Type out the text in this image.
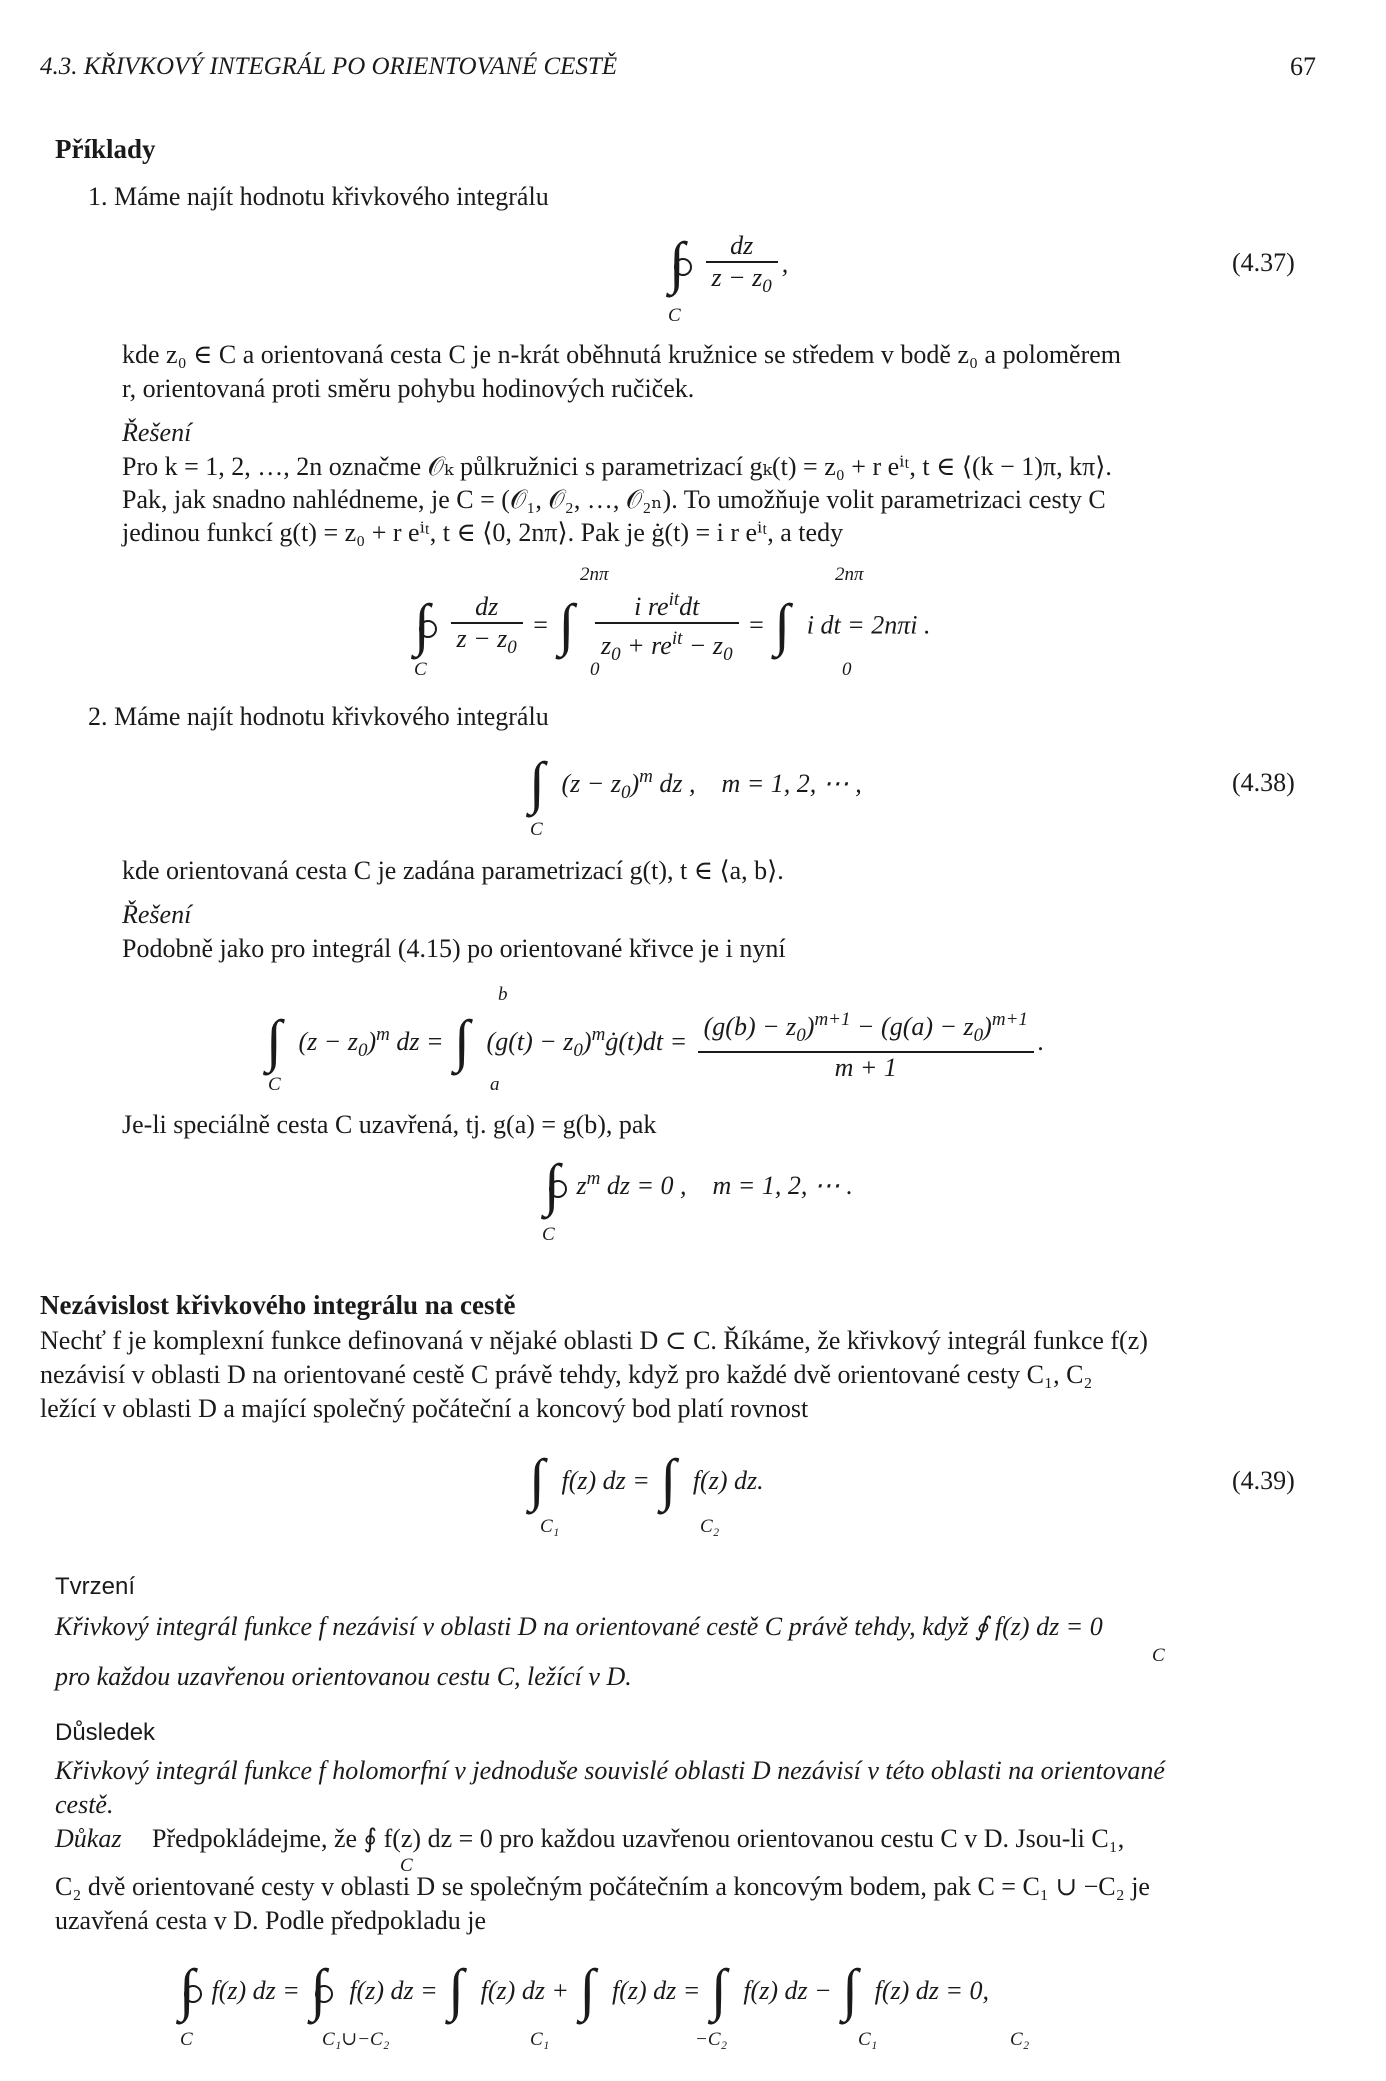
4.3. KŘIVKOVÝ INTEGRÁL PO ORIENTOVANÉ CESTĚ	67
Příklady
1. Máme najít hodnotu křivkového integrálu
∫
$\frac{dz}{z - z_0}$ ,
C
(4.37)
kde z₀ ∈ C a orientovaná cesta C je n-krát oběhnutá kružnice se středem v bodě z₀ a poloměrem
r, orientovaná proti směru pohybu hodinových ručiček.
Řešení
Pro k = 1, 2, …, 2n označme 𝒪ₖ půlkružnici s parametrizací gₖ(t) = z₀ + r eⁱᵗ, t ∈ ⟨(k − 1)π, kπ⟩.
Pak, jak snadno nahlédneme, je C = (𝒪₁, 𝒪₂, …, 𝒪₂ₙ). To umožňuje volit parametrizaci cesty C
jedinou funkcí g(t) = z₀ + r eⁱᵗ, t ∈ ⟨0, 2nπ⟩. Pak je ġ(t) = i r eⁱᵗ, a tedy
2nπ	2nπ
∫
$\frac{dz}{z - z_0}$ = ∫
$\frac{i re^{it}dt}{z_0 + re^{it} - z_0}$ = ∫ i dt = 2nπi .
C	0	0
2. Máme najít hodnotu křivkového integrálu
∫ $(z - z_0)^m$ dz ,    m = 1, 2, ⋯ ,
C
(4.38)
kde orientovaná cesta C je zadána parametrizací g(t), t ∈ ⟨a, b⟩.
Řešení
Podobně jako pro integrál (4.15) po orientované křivce je i nyní
b
∫ $(z - z_0)^m$ dz = ∫ $(g(t) - z_0)^mġ(t)dt = \frac{(g(b) - z_0)^{m+1} - (g(a) - z_0)^{m+1}}{m + 1}$ .
C	a
Je-li speciálně cesta C uzavřená, tj. g(a) = g(b), pak
∫ $z^m$ dz = 0 ,    m = 1, 2, ⋯ .
C
Nezávislost křivkového integrálu na cestě
Nechť f je komplexní funkce definovaná v nějaké oblasti D ⊂ C. Říkáme, že křivkový integrál funkce f(z)
nezávisí v oblasti D na orientované cestě C právě tehdy, když pro každé dvě orientované cesty C₁, C₂
ležící v oblasti D a mající společný počáteční a koncový bod platí rovnost
∫ f(z) dz = ∫ f(z) dz.
C₁	C₂
(4.39)
Tvrzení
Křivkový integrál funkce f nezávisí v oblasti D na orientované cestě C právě tehdy, když ∮ f(z) dz = 0
C
pro každou uzavřenou orientovanou cestu C, ležící v D.
Důsledek
Křivkový integrál funkce f holomorfní v jednoduše souvislé oblasti D nezávisí v této oblasti na orientované
cestě.
Důkaz Předpokládejme, že ∮ f(z) dz = 0 pro každou uzavřenou orientovanou cestu C v D. Jsou-li C₁,
C
C₂ dvě orientované cesty v oblasti D se společným počátečním a koncovým bodem, pak C = C₁ ∪ −C₂ je
uzavřená cesta v D. Podle předpokladu je
∫ f(z) dz = ∫ f(z) dz = ∫ f(z) dz + ∫ f(z) dz = ∫ f(z) dz − ∫ f(z) dz = 0,
C	C₁∪−C₂	C₁	−C₂	C₁	C₂
